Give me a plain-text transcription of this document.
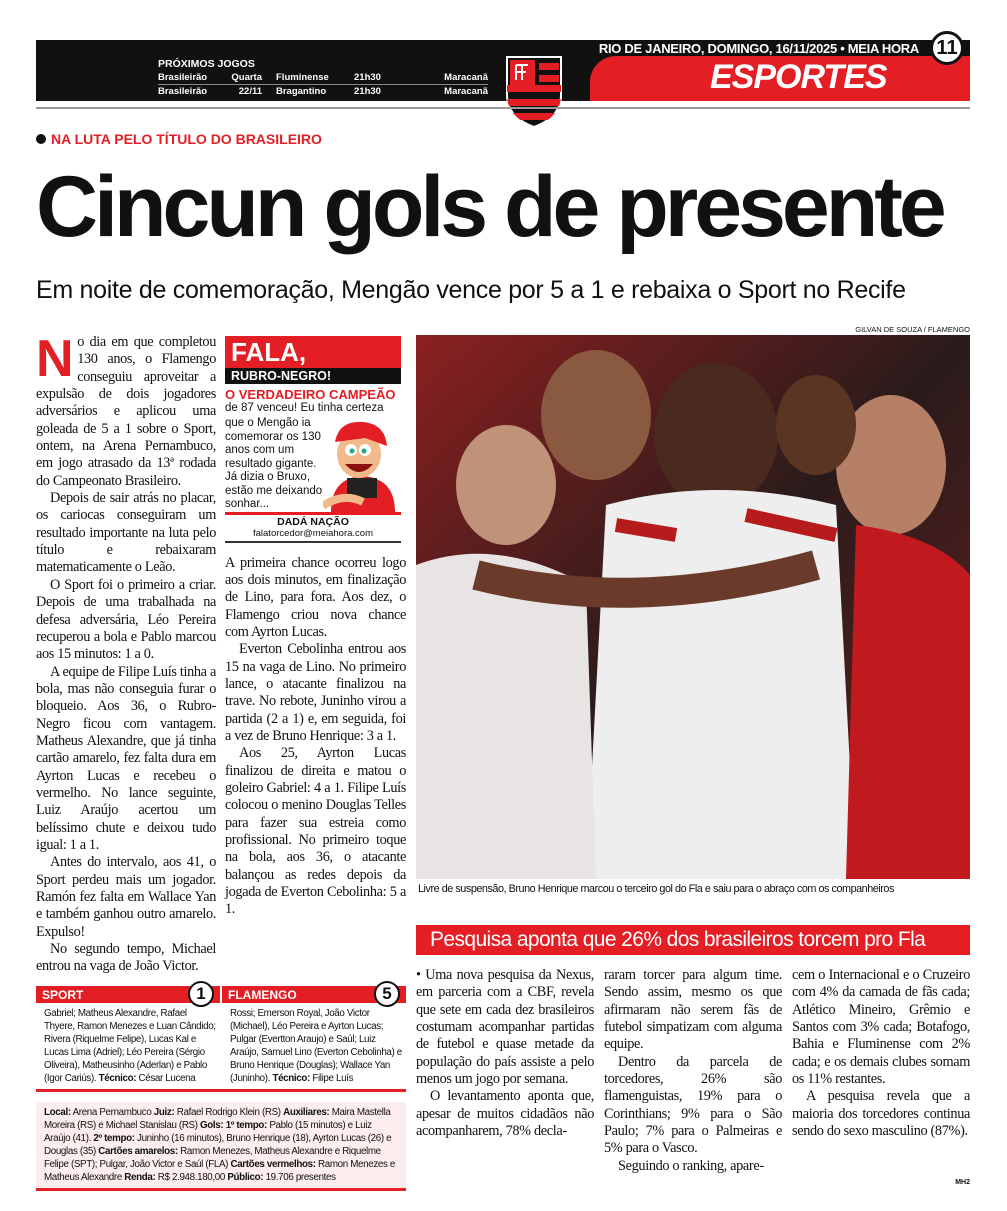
RIO DE JANEIRO, DOMINGO, 16/11/2025 • MEIA HORA 11
ESPORTES
PRÓXIMOS JOGOS
Brasileirão	Quarta	Fluminense	21h30	Maracanã
Brasileirão	22/11	Bragantino	21h30	Maracanã
NA LUTA PELO TÍTULO DO BRASILEIRO
Cincun gols de presente
Em noite de comemoração, Mengão vence por 5 a 1 e rebaixa o Sport no Recife

No dia em que completou 130 anos, o Flamengo conseguiu aproveitar a expulsão de dois jogadores adversários e aplicou uma goleada de 5 a 1 sobre o Sport, ontem, na Arena Pernambuco, em jogo atrasado da 13ª rodada do Campeonato Brasileiro.

Depois de sair atrás no placar, os cariocas conseguiram um resultado importante na luta pelo título e rebaixaram matematicamente o Leão.

O Sport foi o primeiro a criar. Depois de uma trabalhada na defesa adversária, Léo Pereira recuperou a bola e Pablo marcou aos 15 minutos: 1 a 0.

A equipe de Filipe Luís tinha a bola, mas não conseguia furar o bloqueio. Aos 36, o Rubro-Negro ficou com vantagem. Matheus Alexandre, que já tinha cartão amarelo, fez falta dura em Ayrton Lucas e recebeu o vermelho. No lance seguinte, Luiz Araújo acertou um belíssimo chute e deixou tudo igual: 1 a 1.

Antes do intervalo, aos 41, o Sport perdeu mais um jogador. Ramón fez falta em Wallace Yan e também ganhou outro amarelo. Expulso!

No segundo tempo, Michael entrou na vaga de João Victor.

FALA,
RUBRO-NEGRO!
O VERDADEIRO CAMPEÃO
de 87 venceu! Eu tinha certeza
que o Mengão ia comemorar os 130 anos com um resultado gigante. Já dizia o Bruxo, estão me deixando sonhar...
DADÁ NAÇÃO
falatorcedor@meiahora.com

A primeira chance ocorreu logo aos dois minutos, em finalização de Lino, para fora. Aos dez, o Flamengo criou nova chance com Ayrton Lucas.

Everton Cebolinha entrou aos 15 na vaga de Lino. No primeiro lance, o atacante finalizou na trave. No rebote, Juninho virou a partida (2 a 1) e, em seguida, foi a vez de Bruno Henrique: 3 a 1.

Aos 25, Ayrton Lucas finalizou de direita e matou o goleiro Gabriel: 4 a 1. Filipe Luís colocou o menino Douglas Telles para fazer sua estreia como profissional. No primeiro toque na bola, aos 36, o atacante balançou as redes depois da jogada de Everton Cebolinha: 5 a 1.

SPORT	1
Gabriel; Matheus Alexandre, Rafael Thyere, Ramon Menezes e Luan Cândido; Rivera (Riquelme Felipe), Lucas Kal e Lucas Lima (Adriel); Léo Pereira (Sérgio Oliveira), Matheusinho (Aderlan) e Pablo (Igor Cariús). Técnico: César Lucena
FLAMENGO	5
Rossi; Emerson Royal, João Victor (Michael), Léo Pereira e Ayrton Lucas; Pulgar (Evertton Araujo) e Saúl; Luiz Araújo, Samuel Lino (Everton Cebolinha) e Bruno Henrique (Douglas); Wallace Yan (Juninho). Técnico: Filipe Luís
Local: Arena Pernambuco Juiz: Rafael Rodrigo Klein (RS) Auxiliares: Maira Mastella Moreira (RS) e Michael Stanislau (RS) Gols: 1º tempo: Pablo (15 minutos) e Luiz Araújo (41). 2º tempo: Juninho (16 minutos), Bruno Henrique (18), Ayrton Lucas (26) e Douglas (35) Cartões amarelos: Ramon Menezes, Matheus Alexandre e Riquelme Felipe (SPT); Pulgar, João Victor e Saúl (FLA) Cartões vermelhos: Ramon Menezes e Matheus Alexandre Renda: R$ 2.948.180,00 Público: 19.706 presentes
GILVAN DE SOUZA / FLAMENGO
Livre de suspensão, Bruno Henrique marcou o terceiro gol do Fla e saiu para o abraço com os companheiros
Pesquisa aponta que 26% dos brasileiros torcem pro Fla

• Uma nova pesquisa da Nexus, em parceria com a CBF, revela que sete em cada dez brasileiros costumam acompanhar partidas de futebol e quase metade da população do país assiste a pelo menos um jogo por semana.

O levantamento aponta que, apesar de muitos cidadãos não acompanharem, 78% decla-

raram torcer para algum time. Sendo assim, mesmo os que afirmaram não serem fãs de futebol simpatizam com alguma equipe.

Dentro da parcela de torcedores, 26% são flamenguistas, 19% para o Corinthians; 9% para o São Paulo; 7% para o Palmeiras e 5% para o Vasco.

Seguindo o ranking, apare-

cem o Internacional e o Cruzeiro com 4% da camada de fãs cada; Atlético Mineiro, Grêmio e Santos com 3% cada; Botafogo, Bahia e Fluminense com 2% cada; e os demais clubes somam os 11% restantes.

A pesquisa revela que a maioria dos torcedores continua sendo do sexo masculino (87%).

MH2
